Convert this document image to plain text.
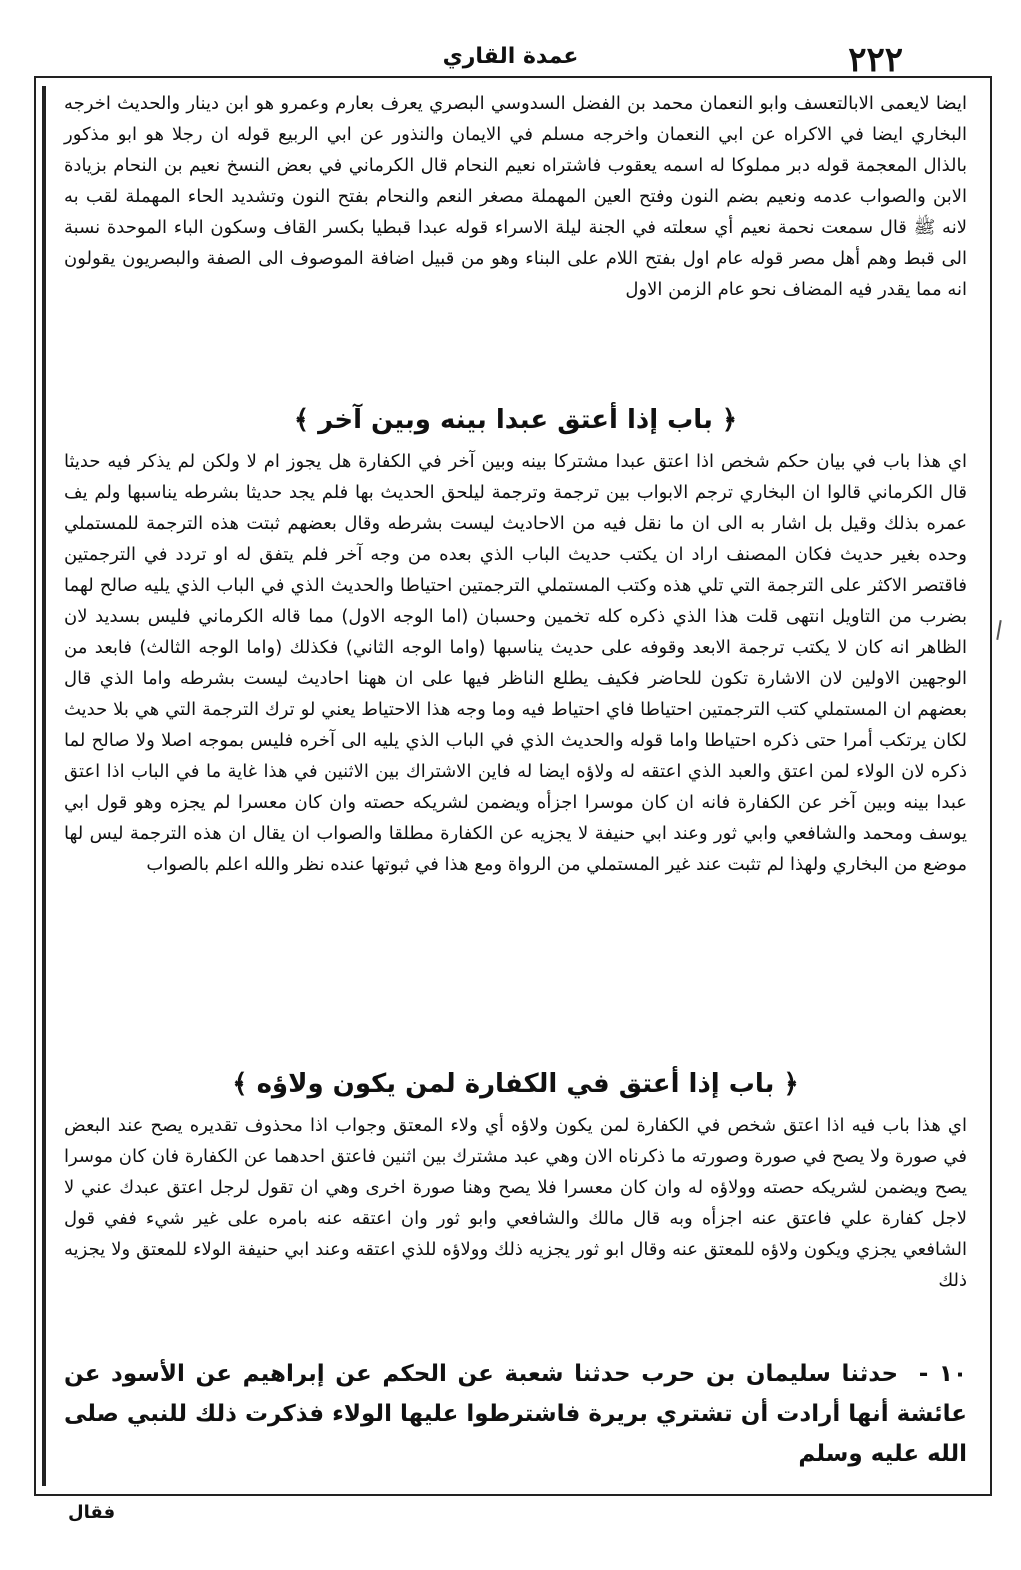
٢٢٢
عمدة القاري

ايضا لايعمى الابالتعسف وابو النعمان محمد بن الفضل السدوسي البصري يعرف بعارم وعمرو هو ابن دينار والحديث اخرجه البخاري ايضا في الاكراه عن ابي النعمان واخرجه مسلم في الايمان والنذور عن ابي الربيع قوله ان رجلا هو ابو مذكور بالذال المعجمة قوله دبر مملوكا له اسمه يعقوب فاشتراه نعيم النحام قال الكرماني في بعض النسخ نعيم بن النحام بزيادة الابن والصواب عدمه ونعيم بضم النون وفتح العين المهملة مصغر النعم والنحام بفتح النون وتشديد الحاء المهملة لقب به لانه ﷺ قال سمعت نحمة نعيم أي سعلته في الجنة ليلة الاسراء قوله عبدا قبطيا بكسر القاف وسكون الباء الموحدة نسبة الى قبط وهم أهل مصر قوله عام اول بفتح اللام على البناء وهو من قبيل اضافة الموصوف الى الصفة والبصريون يقولون انه مما يقدر فيه المضاف نحو عام الزمن الاول

﴿ باب إذا أعتق عبدا بينه وبين آخر ﴾

اي هذا باب في بيان حكم شخص اذا اعتق عبدا مشتركا بينه وبين آخر في الكفارة هل يجوز ام لا ولكن لم يذكر فيه حديثا قال الكرماني قالوا ان البخاري ترجم الابواب بين ترجمة وترجمة ليلحق الحديث بها فلم يجد حديثا بشرطه يناسبها ولم يف عمره بذلك وقيل بل اشار به الى ان ما نقل فيه من الاحاديث ليست بشرطه وقال بعضهم ثبتت هذه الترجمة للمستملي وحده بغير حديث فكان المصنف اراد ان يكتب حديث الباب الذي بعده من وجه آخر فلم يتفق له او تردد في الترجمتين فاقتصر الاكثر على الترجمة التي تلي هذه وكتب المستملي الترجمتين احتياطا والحديث الذي في الباب الذي يليه صالح لهما بضرب من التاويل انتهى قلت هذا الذي ذكره كله تخمين وحسبان (اما الوجه الاول) مما قاله الكرماني فليس بسديد لان الظاهر انه كان لا يكتب ترجمة الابعد وقوفه على حديث يناسبها (واما الوجه الثاني) فكذلك (واما الوجه الثالث) فابعد من الوجهين الاولين لان الاشارة تكون للحاضر فكيف يطلع الناظر فيها على ان ههنا احاديث ليست بشرطه واما الذي قال بعضهم ان المستملي كتب الترجمتين احتياطا فاي احتياط فيه وما وجه هذا الاحتياط يعني لو ترك الترجمة التي هي بلا حديث لكان يرتكب أمرا حتى ذكره احتياطا واما قوله والحديث الذي في الباب الذي يليه الى آخره فليس بموجه اصلا ولا صالح لما ذكره لان الولاء لمن اعتق والعبد الذي اعتقه له ولاؤه ايضا له فاين الاشتراك بين الاثنين في هذا غاية ما في الباب اذا اعتق عبدا بينه وبين آخر عن الكفارة فانه ان كان موسرا اجزأه ويضمن لشريكه حصته وان كان معسرا لم يجزه وهو قول ابي يوسف ومحمد والشافعي وابي ثور وعند ابي حنيفة لا يجزيه عن الكفارة مطلقا والصواب ان يقال ان هذه الترجمة ليس لها موضع من البخاري ولهذا لم تثبت عند غير المستملي من الرواة ومع هذا في ثبوتها عنده نظر والله اعلم بالصواب

﴿ باب إذا أعتق في الكفارة لمن يكون ولاؤه ﴾

اي هذا باب فيه اذا اعتق شخص في الكفارة لمن يكون ولاؤه أي ولاء المعتق وجواب اذا محذوف تقديره يصح عند البعض في صورة ولا يصح في صورة وصورته ما ذكرناه الان وهي عبد مشترك بين اثنين فاعتق احدهما عن الكفارة فان كان موسرا يصح ويضمن لشريكه حصته وولاؤه له وان كان معسرا فلا يصح وهنا صورة اخرى وهي ان تقول لرجل اعتق عبدك عني لا لاجل كفارة علي فاعتق عنه اجزأه وبه قال مالك والشافعي وابو ثور وان اعتقه عنه بامره على غير شيء ففي قول الشافعي يجزي ويكون ولاؤه للمعتق عنه وقال ابو ثور يجزيه ذلك وولاؤه للذي اعتقه وعند ابي حنيفة الولاء للمعتق ولا يجزيه ذلك

١٠ - حدثنا سليمان بن حرب حدثنا شعبة عن الحكم عن إبراهيم عن الأسود عن عائشة أنها أرادت أن تشتري بريرة فاشترطوا عليها الولاء فذكرت ذلك للنبي صلى الله عليه وسلم

فقال
